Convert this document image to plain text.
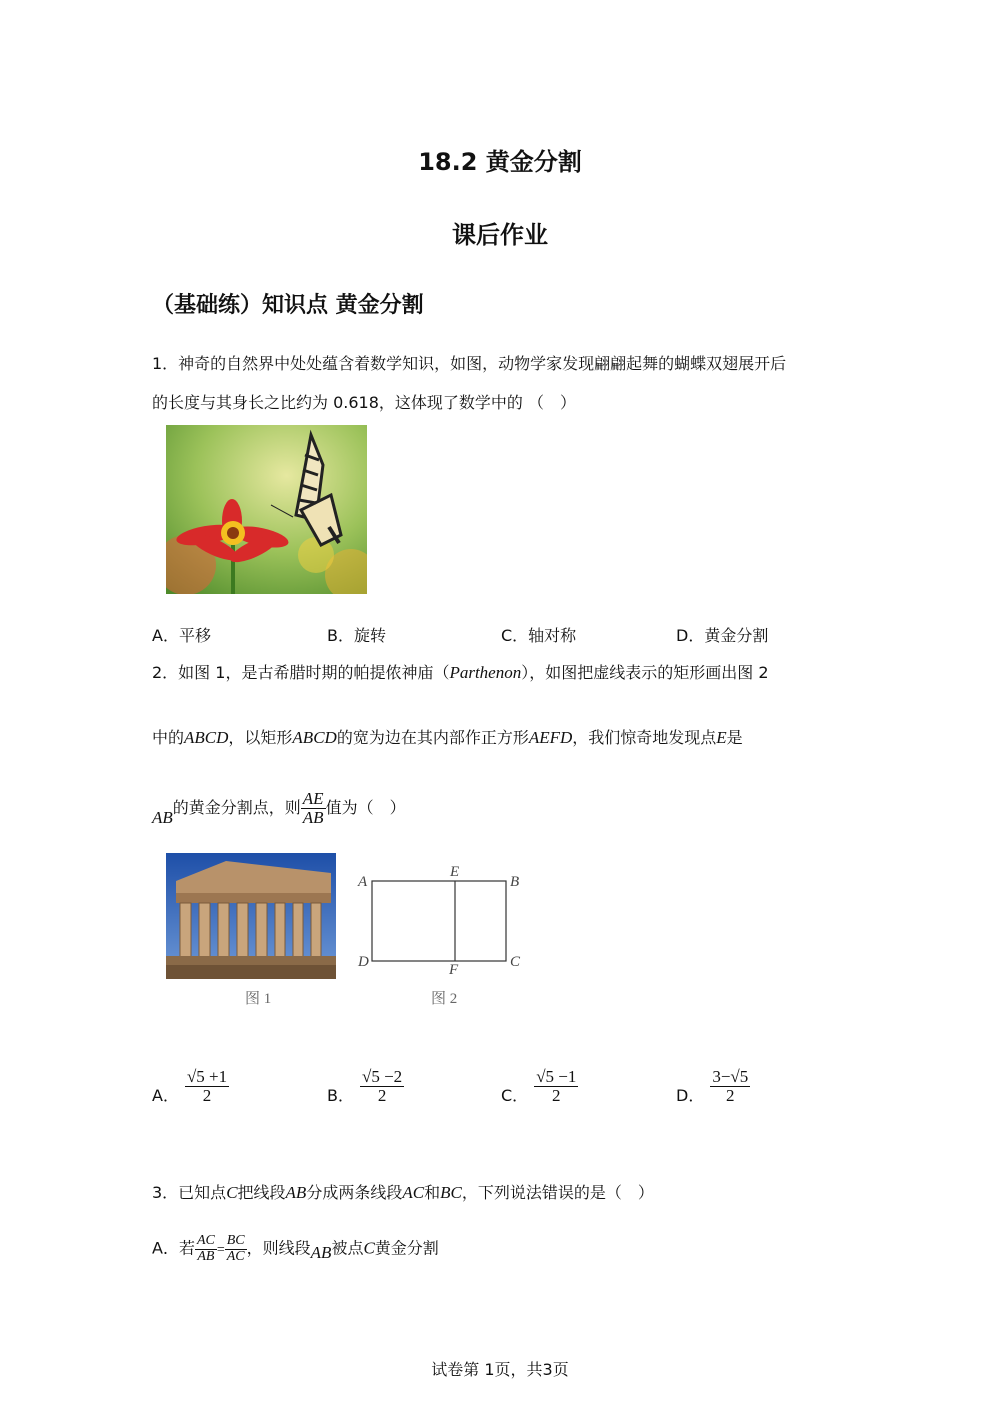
18.2 黄金分割
课后作业
（基础练）知识点 黄金分割
1．神奇的自然界中处处蕴含着数学知识，如图，动物学家发现翩翩起舞的蝴蝶双翅展开后
的长度与其身长之比约为 0.618，这体现了数学中的 （　）
A．平移	B．旋转	C．轴对称	D．黄金分割
2．如图 1，是古希腊时期的帕提侬神庙（Parthenon），如图把虚线表示的矩形画出图 2
中的ABCD，以矩形ABCD的宽为边在其内部作正方形AEFD，我们惊奇地发现点E是
AB的黄金分割点，则 $\frac{AE}{AB}$ 值为（　）
A
E
B
D	F	C
图 1	图 2
A． $\frac{√5 +1}{2}$	B． $\frac{√5 -2}{2}$	C． $\frac{√5 -1}{2}$	D． $\frac{3-√5}{2}$
3．已知点C把线段AB分成两条线段AC和BC，下列说法错误的是（　）
A．若 $\frac{AC}{AB} = \frac{BC}{AC}$ ，则线段AB被点C黄金分割
试卷第 1页，共3页
